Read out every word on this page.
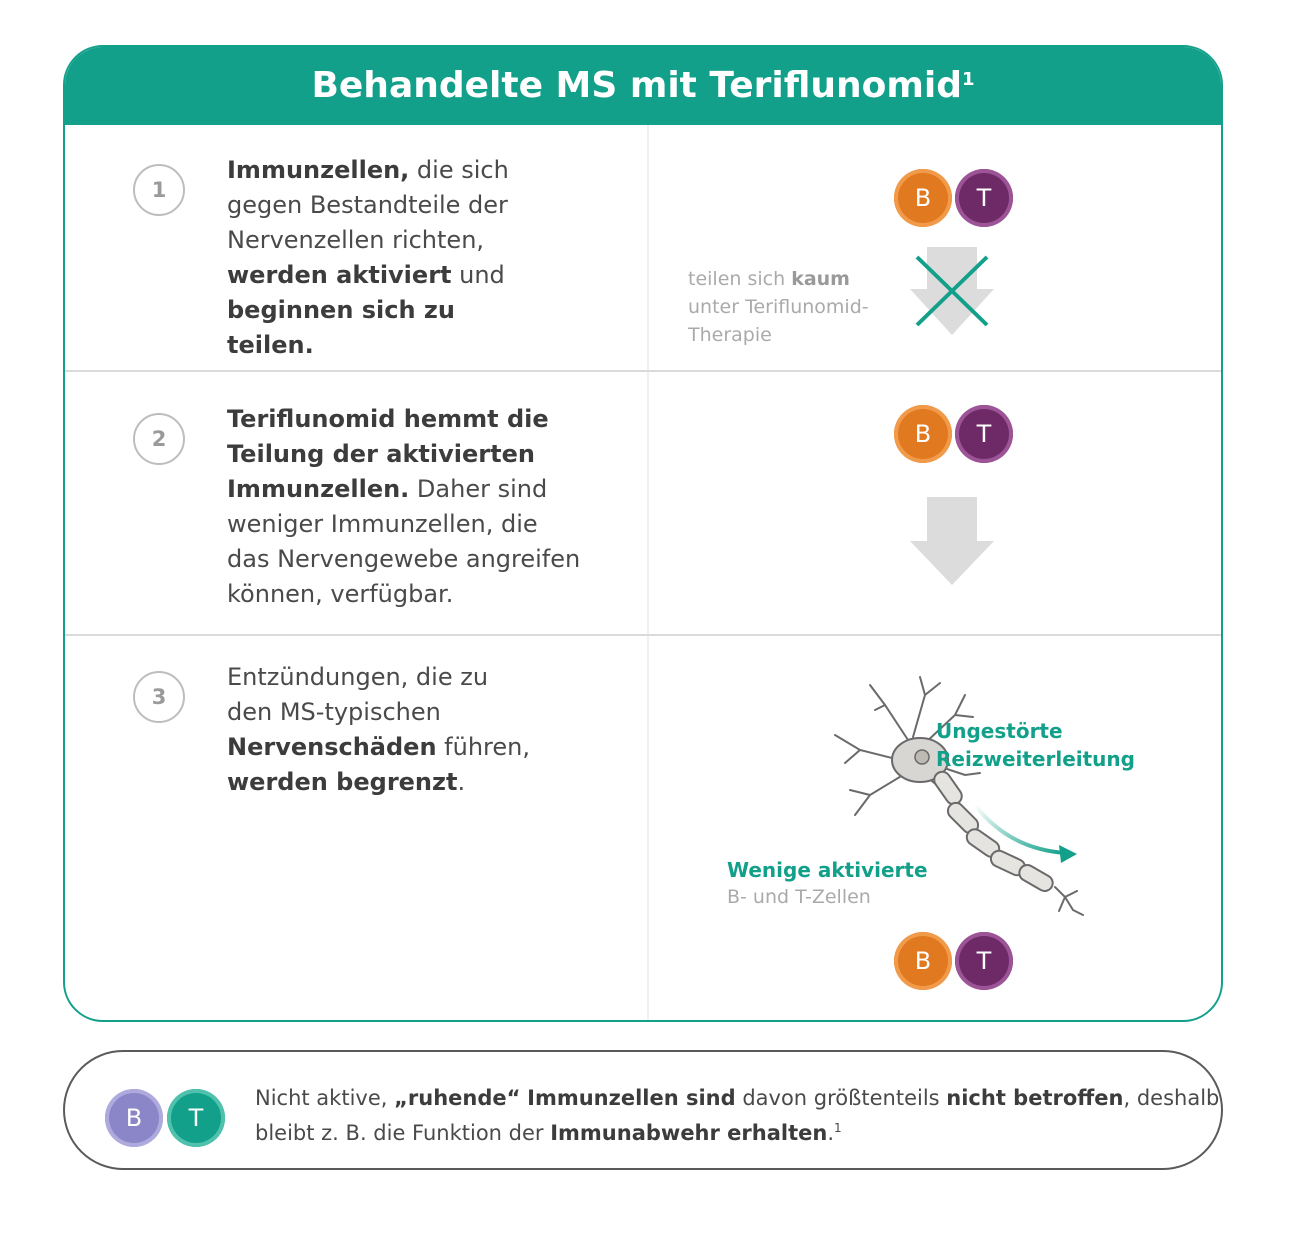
Behandelte MS mit Teriflunomid$^1$
1
Immunzellen, die sich gegen Bestandteile der Nervenzellen richten,
werden aktiviert und
beginnen sich zu teilen.
B	T
teilen sich kaum
unter Teriflunomid-
Therapie
2
Teriflunomid hemmt die Teilung der aktivierten Immunzellen. Daher sind weniger Immunzellen, die das Nervengewebe angreifen können, verfügbar.
B	T
3
Entzündungen, die zu den MS-typischen Nervenschäden führen,
werden begrenzt.
Ungestörte
Reizweiterleitung
Wenige aktivierte
B- und T-Zellen
B	T
B	T
Nicht aktive, „ruhende“ Immunzellen sind davon größtenteils nicht betroffen, deshalb bleibt z. B. die Funktion der Immunabwehr erhalten.$^1$
